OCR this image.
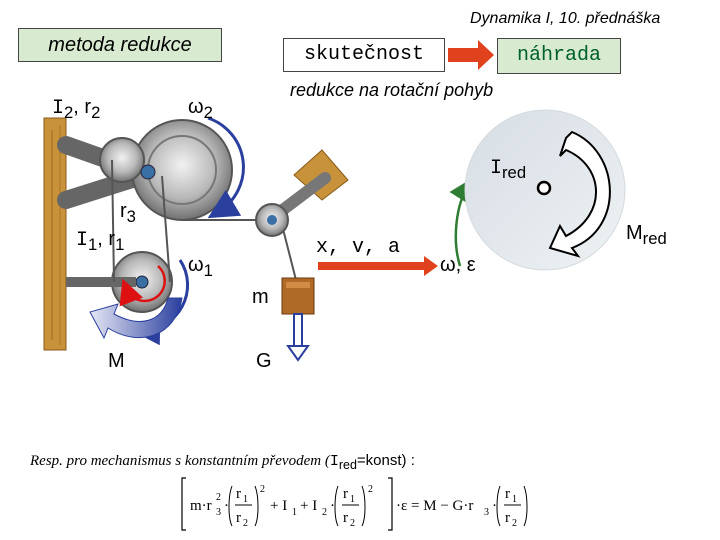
Dynamika I, 10. přednáška
metoda redukce	skutečnost	náhrada
redukce na rotační pohyb
$I_2$, $r_2$	$\omega_2$
$r_3$
$I_1$, $r_1$
$\omega_1$
M
x, v, a
m
G
$I_{red}$
$M_{red}$
ω, ε
Resp. pro mechanismus s konstantním převodem $(I_{red}=konst)$ :
m·r 3
2
·
r 1
r 2
2
+ I 1 + I 2 ·
r 1
r 2
2
·ε = M − G·r 3 ·
r 1
r 2
